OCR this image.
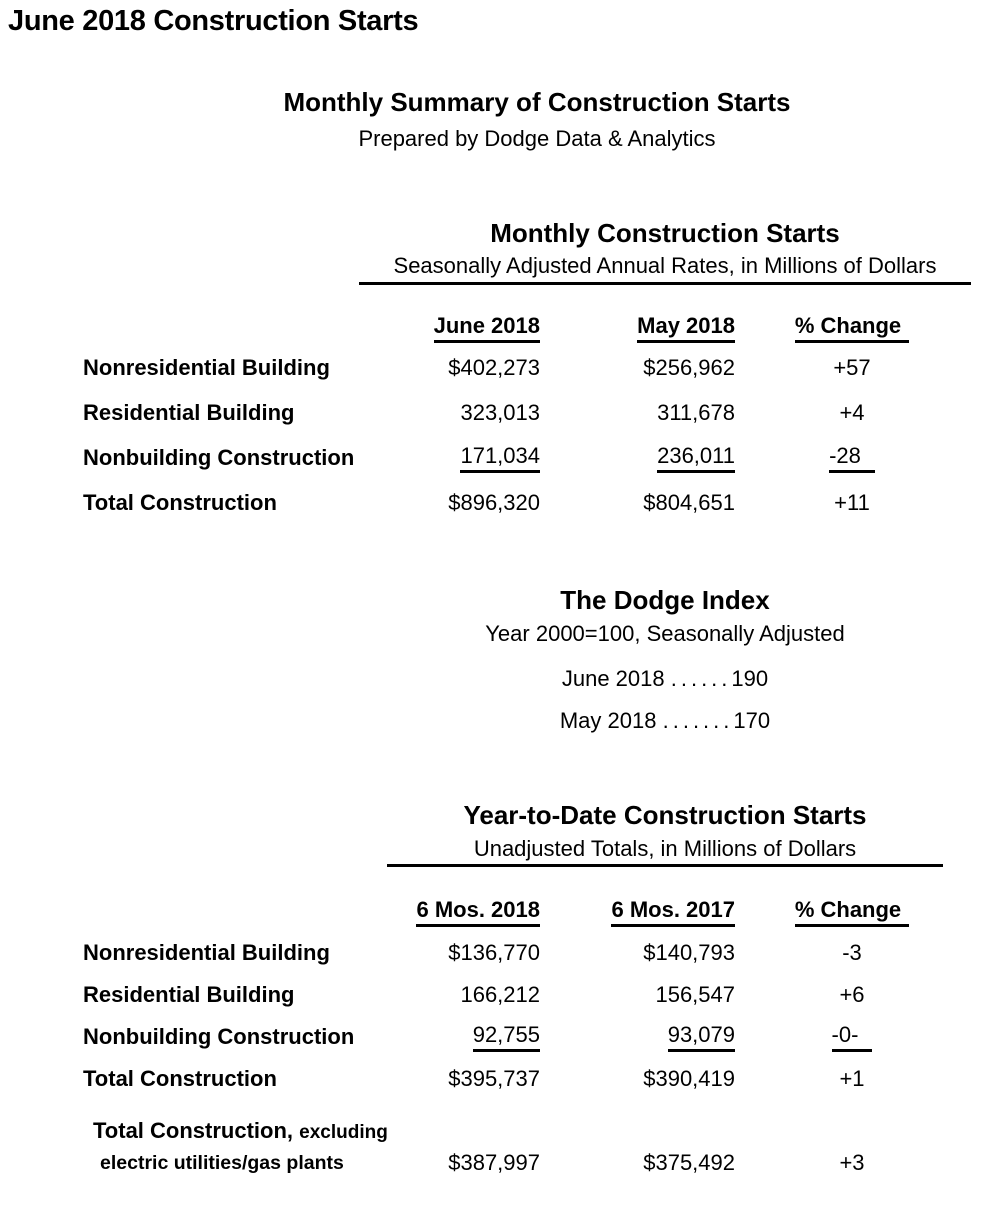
June 2018 Construction Starts
Monthly Summary of Construction Starts
Prepared by Dodge Data & Analytics
Monthly Construction Starts
Seasonally Adjusted Annual Rates, in Millions of Dollars
June 2018	May 2018	% Change
Nonresidential Building	$402,273	$256,962	+57
Residential Building	323,013	311,678	+4
Nonbuilding Construction	171,034	236,011	-28
Total Construction	$896,320	$804,651	+11
The Dodge Index
Year 2000=100, Seasonally Adjusted
June 2018 ......190
May 2018 .......170
Year-to-Date Construction Starts
Unadjusted Totals, in Millions of Dollars
6 Mos. 2018	6 Mos. 2017	% Change
Nonresidential Building	$136,770	$140,793	-3
Residential Building	166,212	156,547	+6
Nonbuilding Construction	92,755	93,079	-0-
Total Construction	$395,737	$390,419	+1
Total Construction, excluding
electric utilities/gas plants	$387,997	$375,492	+3
